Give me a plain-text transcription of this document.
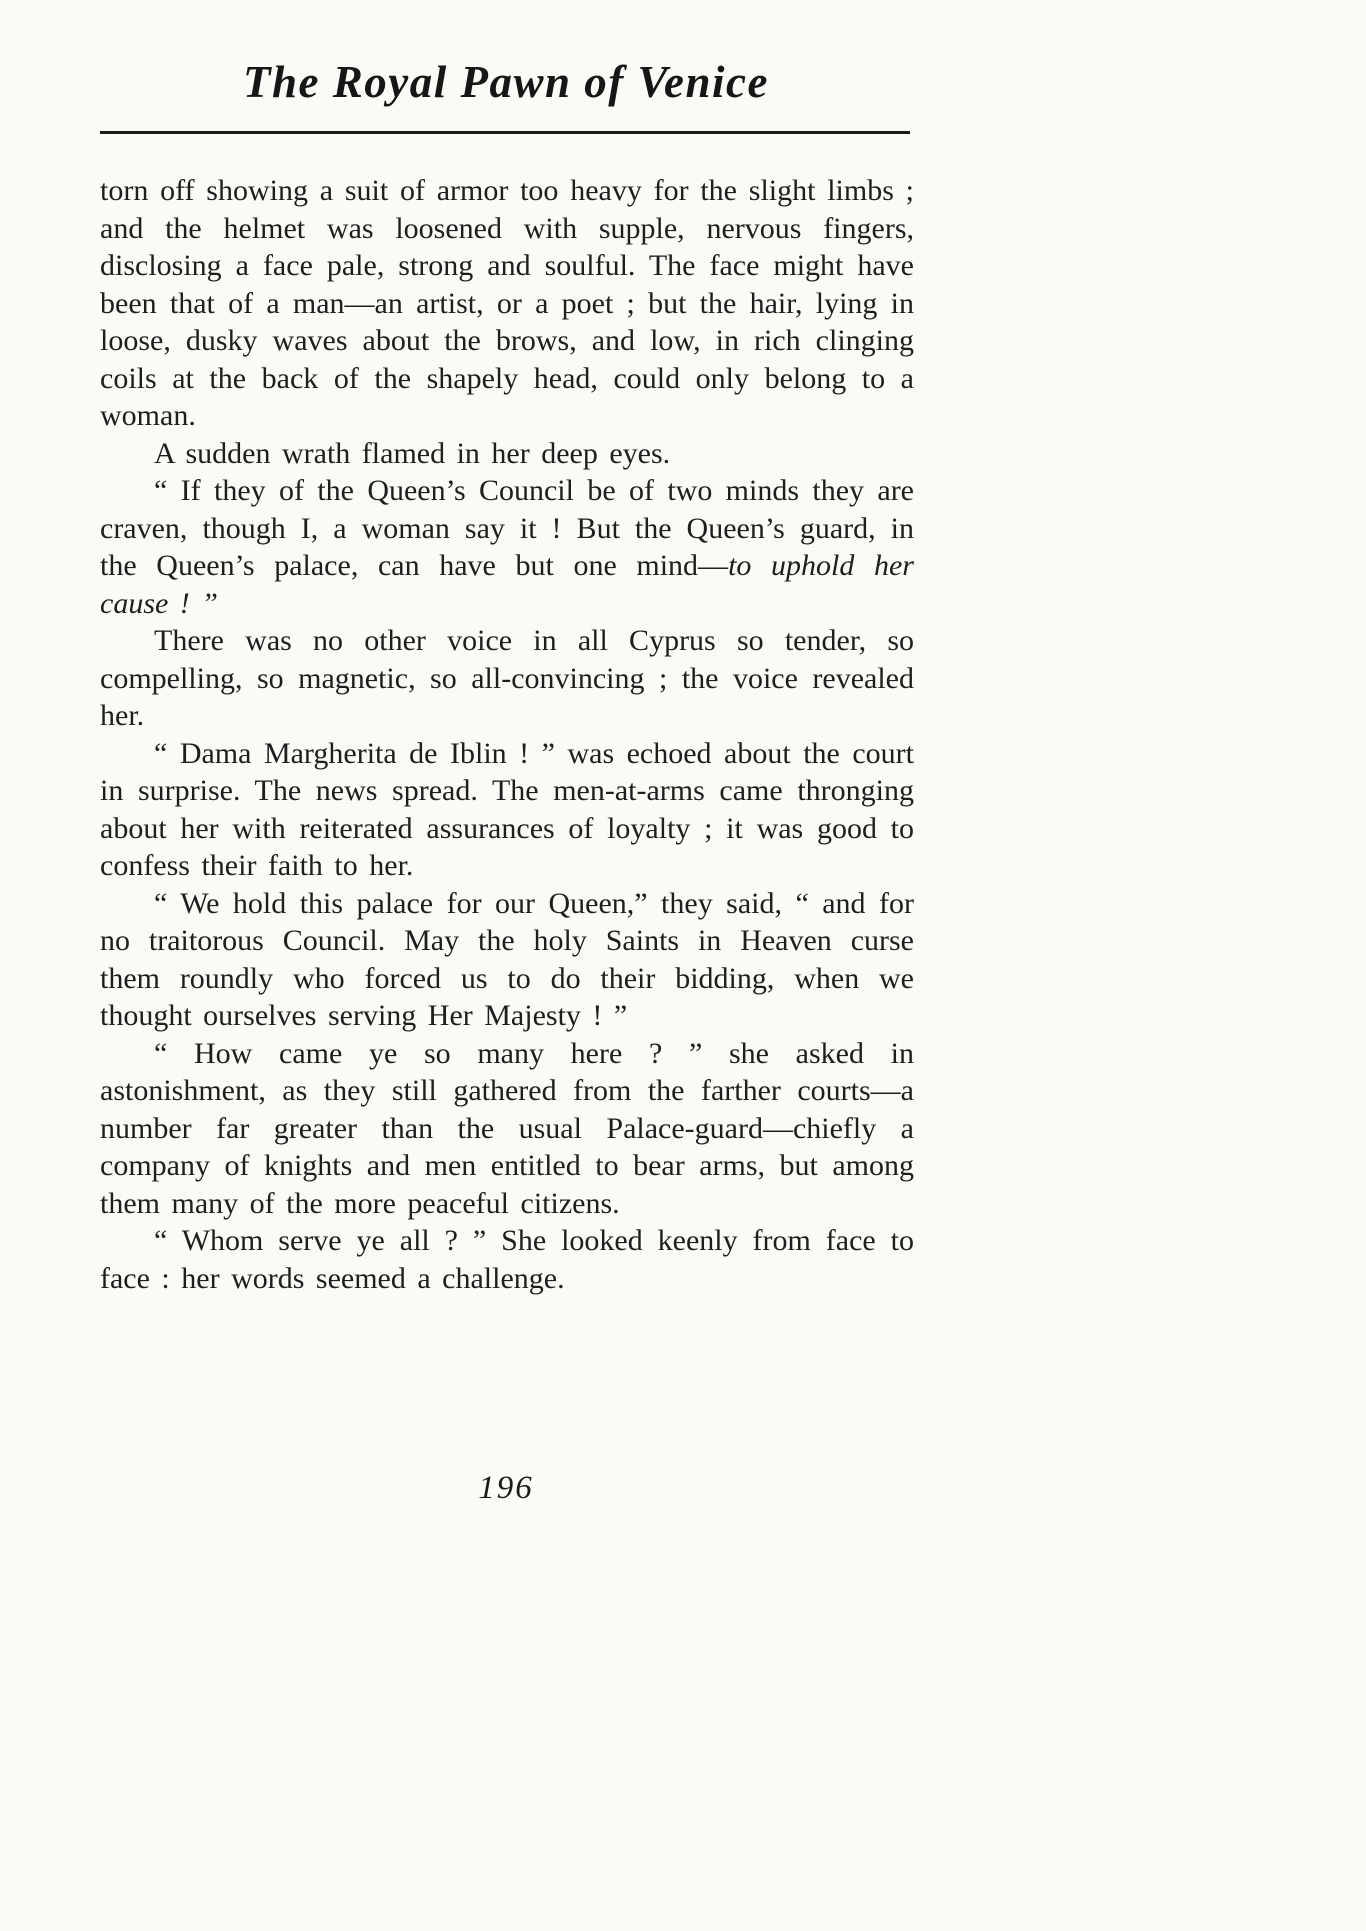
The Royal Pawn of Venice

torn off showing a suit of armor too heavy for the slight limbs ; and the helmet was loosened with supple, nervous fingers, disclosing a face pale, strong and soulful. The face might have been that of a man—an artist, or a poet ; but the hair, lying in loose, dusky waves about the brows, and low, in rich clinging coils at the back of the shapely head, could only belong to a woman.

A sudden wrath flamed in her deep eyes.

“ If they of the Queen’s Council be of two minds they are craven, though I, a woman say it ! But the Queen’s guard, in the Queen’s palace, can have but one mind—to uphold her cause ! ”

There was no other voice in all Cyprus so tender, so compelling, so magnetic, so all-convincing ; the voice revealed her.

“ Dama Margherita de Iblin ! ” was echoed about the court in surprise. The news spread. The men-at-arms came thronging about her with reiterated assurances of loyalty ; it was good to confess their faith to her.

“ We hold this palace for our Queen,” they said, “ and for no traitorous Council. May the holy Saints in Heaven curse them roundly who forced us to do their bidding, when we thought ourselves serving Her Majesty ! ”

“ How came ye so many here ? ” she asked in astonishment, as they still gathered from the farther courts—a number far greater than the usual Palace-guard—chiefly a company of knights and men entitled to bear arms, but among them many of the more peaceful citizens.

“ Whom serve ye all ? ” She looked keenly from face to face : her words seemed a challenge.

196
